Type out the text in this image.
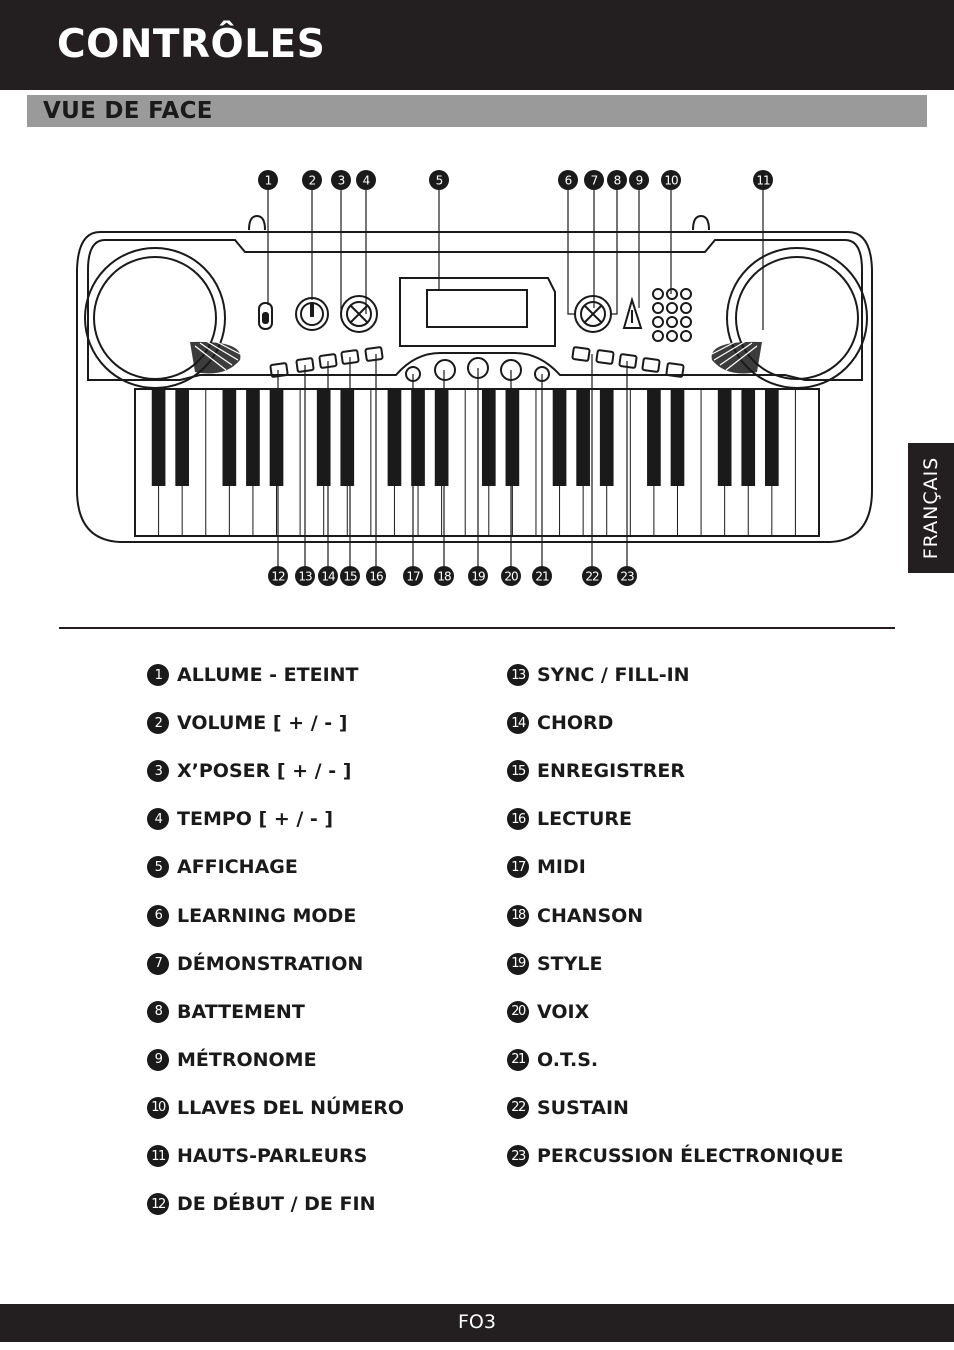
CONTRÔLES
VUE DE FACE
FRANÇAIS
1	2 3 4	5	6 7 8 9 10	11
12 13 14 15 16 17 18 19 20 21	22 23
1 ALLUME - ETEINT
2 VOLUME [ + / - ]
3 X’POSER [ + / - ]
4 TEMPO [ + / - ]
5 AFFICHAGE
6 LEARNING MODE
7 DÉMONSTRATION
8 BATTEMENT
9 MÉTRONOME
10 LLAVES DEL NÚMERO
11 HAUTS-PARLEURS
12 DE DÉBUT / DE FIN
13 SYNC / FILL-IN
14 CHORD
15 ENREGISTRER
16 LECTURE
17 MIDI
18 CHANSON
19 STYLE
20 VOIX
21 O.T.S.
22 SUSTAIN
23 PERCUSSION ÉLECTRONIQUE
FO3
